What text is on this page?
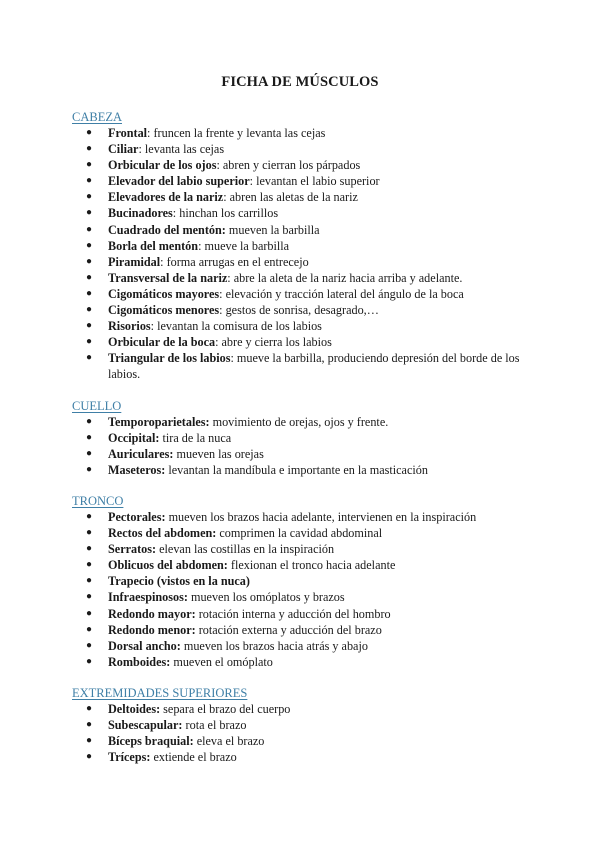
FICHA DE MÚSCULOS
CABEZA
● Frontal: fruncen la frente y levanta las cejas
● Ciliar: levanta las cejas
● Orbicular de los ojos: abren y cierran los párpados
● Elevador del labio superior: levantan el labio superior
● Elevadores de la nariz: abren las aletas de la nariz
● Bucinadores: hinchan los carrillos
● Cuadrado del mentón: mueven la barbilla
● Borla del mentón: mueve la barbilla
● Piramidal: forma arrugas en el entrecejo
● Transversal de la nariz: abre la aleta de la nariz hacia arriba y adelante.
● Cigomáticos mayores: elevación y tracción lateral del ángulo de la boca
● Cigomáticos menores: gestos de sonrisa, desagrado,…
● Risorios: levantan la comisura de los labios
● Orbicular de la boca: abre y cierra los labios
● Triangular de los labios: mueve la barbilla, produciendo depresión del borde de los labios.
CUELLO
● Temporoparietales: movimiento de orejas, ojos y frente.
● Occipital: tira de la nuca
● Auriculares: mueven las orejas
● Maseteros: levantan la mandíbula e importante en la masticación
TRONCO
● Pectorales: mueven los brazos hacia adelante, intervienen en la inspiración
● Rectos del abdomen: comprimen la cavidad abdominal
● Serratos: elevan las costillas en la inspiración
● Oblicuos del abdomen: flexionan el tronco hacia adelante
● Trapecio (vistos en la nuca)
● Infraespinosos: mueven los omóplatos y brazos
● Redondo mayor: rotación interna y aducción del hombro
● Redondo menor: rotación externa y aducción del brazo
● Dorsal ancho: mueven los brazos hacia atrás y abajo
● Romboides: mueven el omóplato
EXTREMIDADES SUPERIORES
● Deltoides: separa el brazo del cuerpo
● Subescapular: rota el brazo
● Bíceps braquial: eleva el brazo
● Tríceps: extiende el brazo
